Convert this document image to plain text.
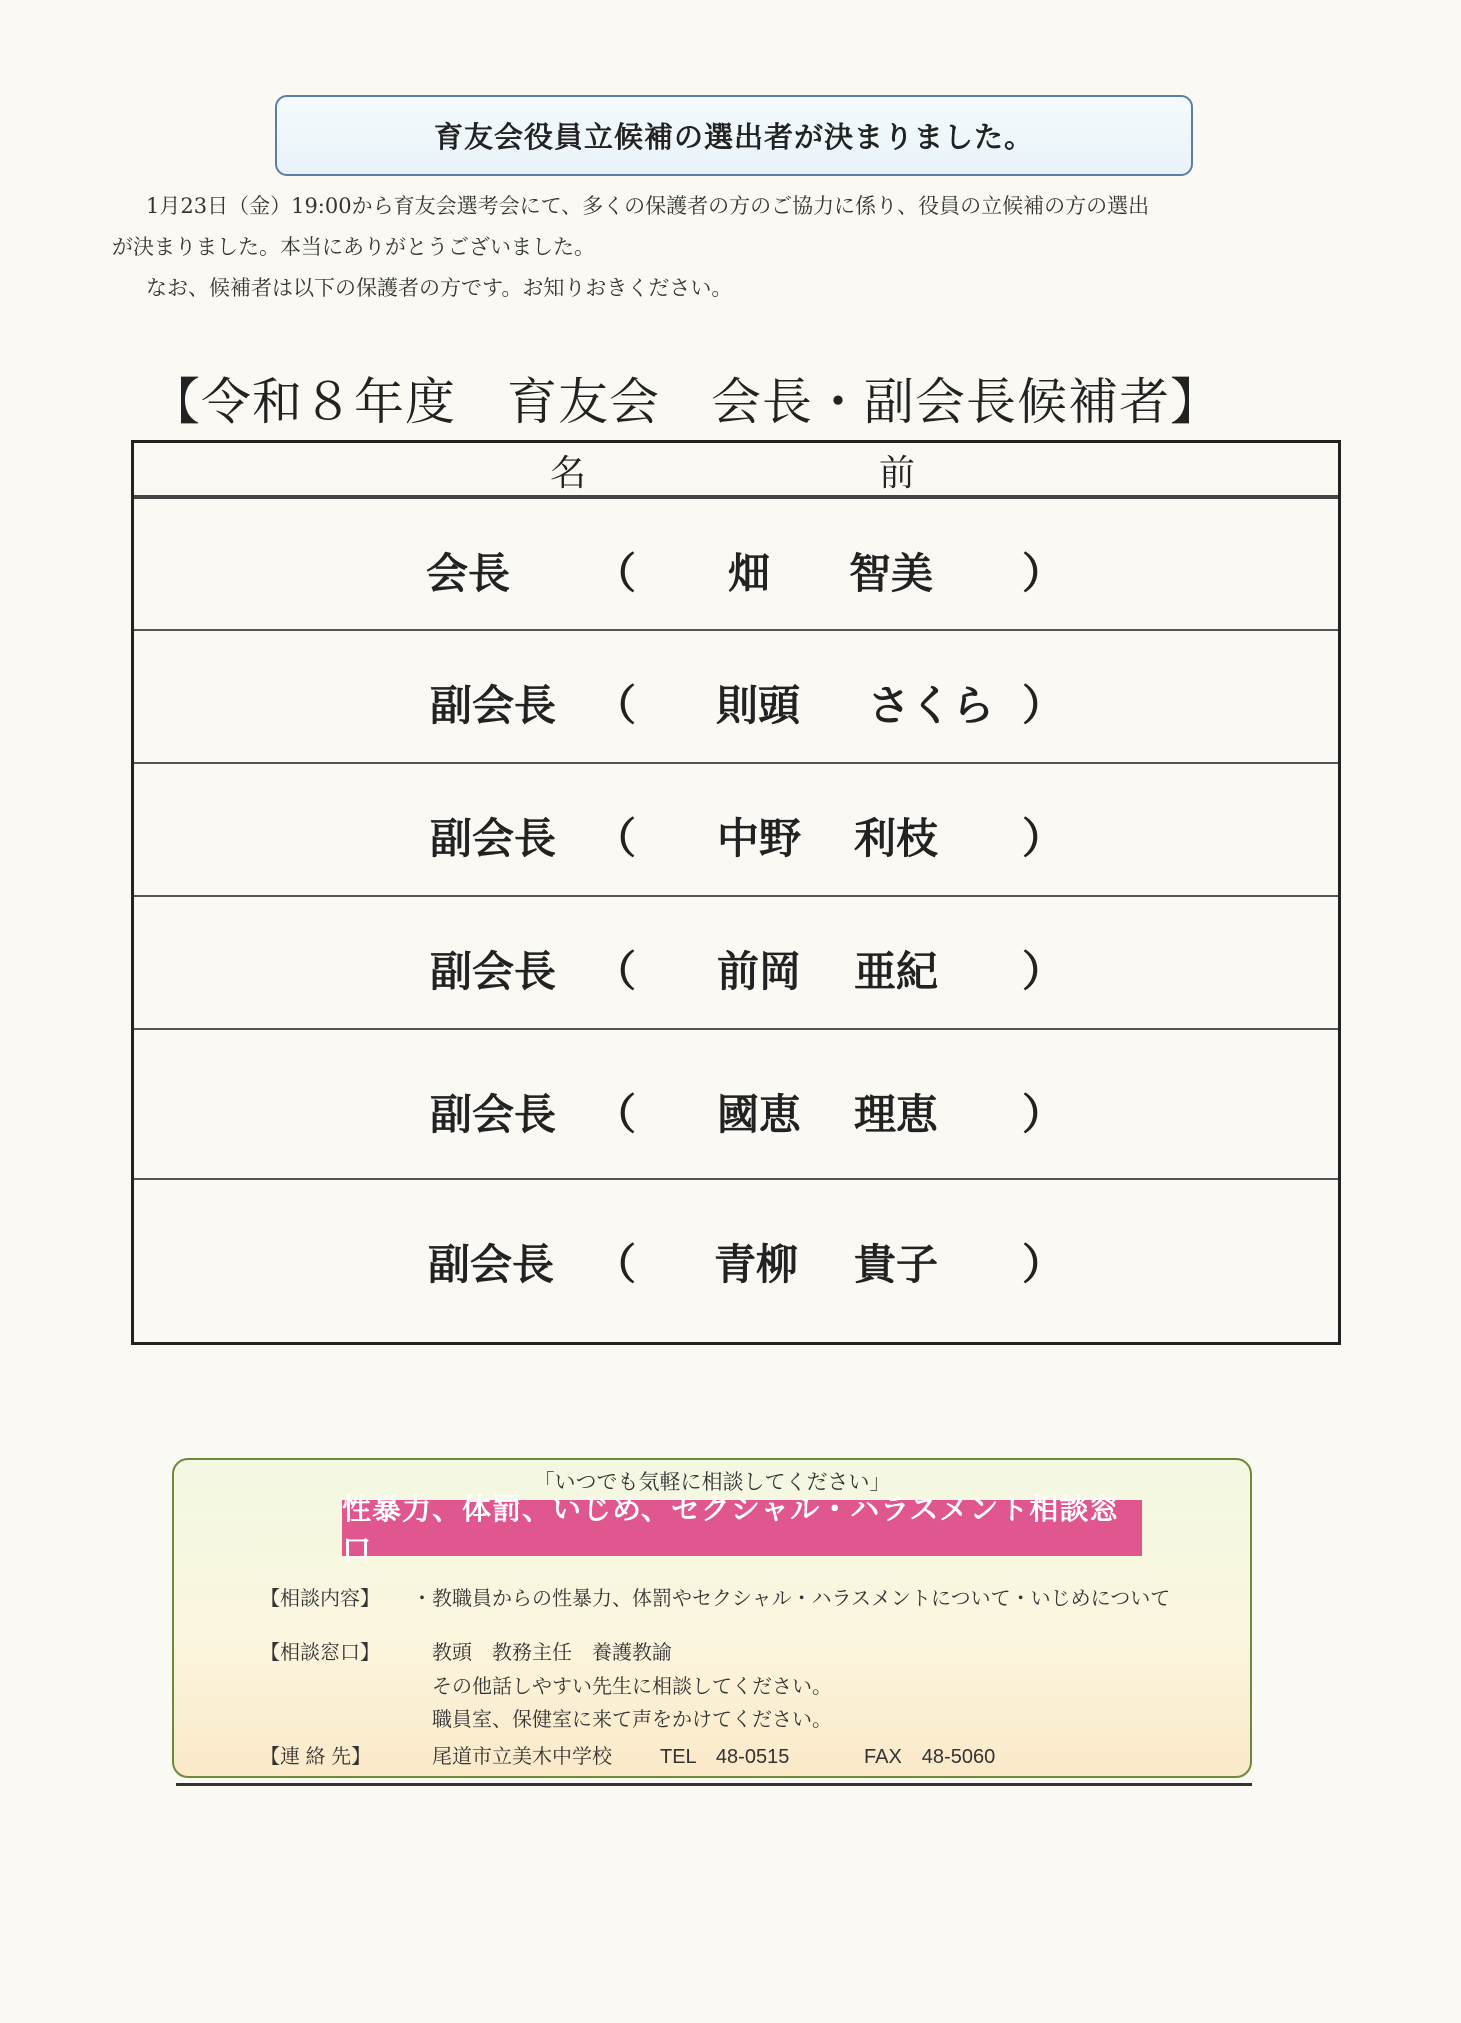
育友会役員立候補の選出者が決まりました。

1月23日（金）19:00から育友会選考会にて、多くの保護者の方のご協力に係り、役員の立候補の方の選出

が決まりました。本当にありがとうございました。

なお、候補者は以下の保護者の方です。お知りおきください。

【令和８年度　育友会　会長・副会長候補者】
名	前
会長 （ 畑 智美 ）
副会長 （ 則頭 さくら ）
副会長 （ 中野 利枝 ）
副会長 （ 前岡 亜紀 ）
副会長 （ 國恵 理恵 ）
副会長 （ 青柳 貴子 ）
「いつでも気軽に相談してください」
性暴力、体罰、いじめ、セクシャル・ハラスメント相談窓口
【相談内容】 ・教職員からの性暴力、体罰やセクシャル・ハラスメントについて・いじめについて
【相談窓口】	教頭　教務主任　養護教諭
その他話しやすい先生に相談してください。
職員室、保健室に来て声をかけてください。
【連 絡 先】	尾道市立美木中学校 TEL　48-0515	FAX　48-5060
